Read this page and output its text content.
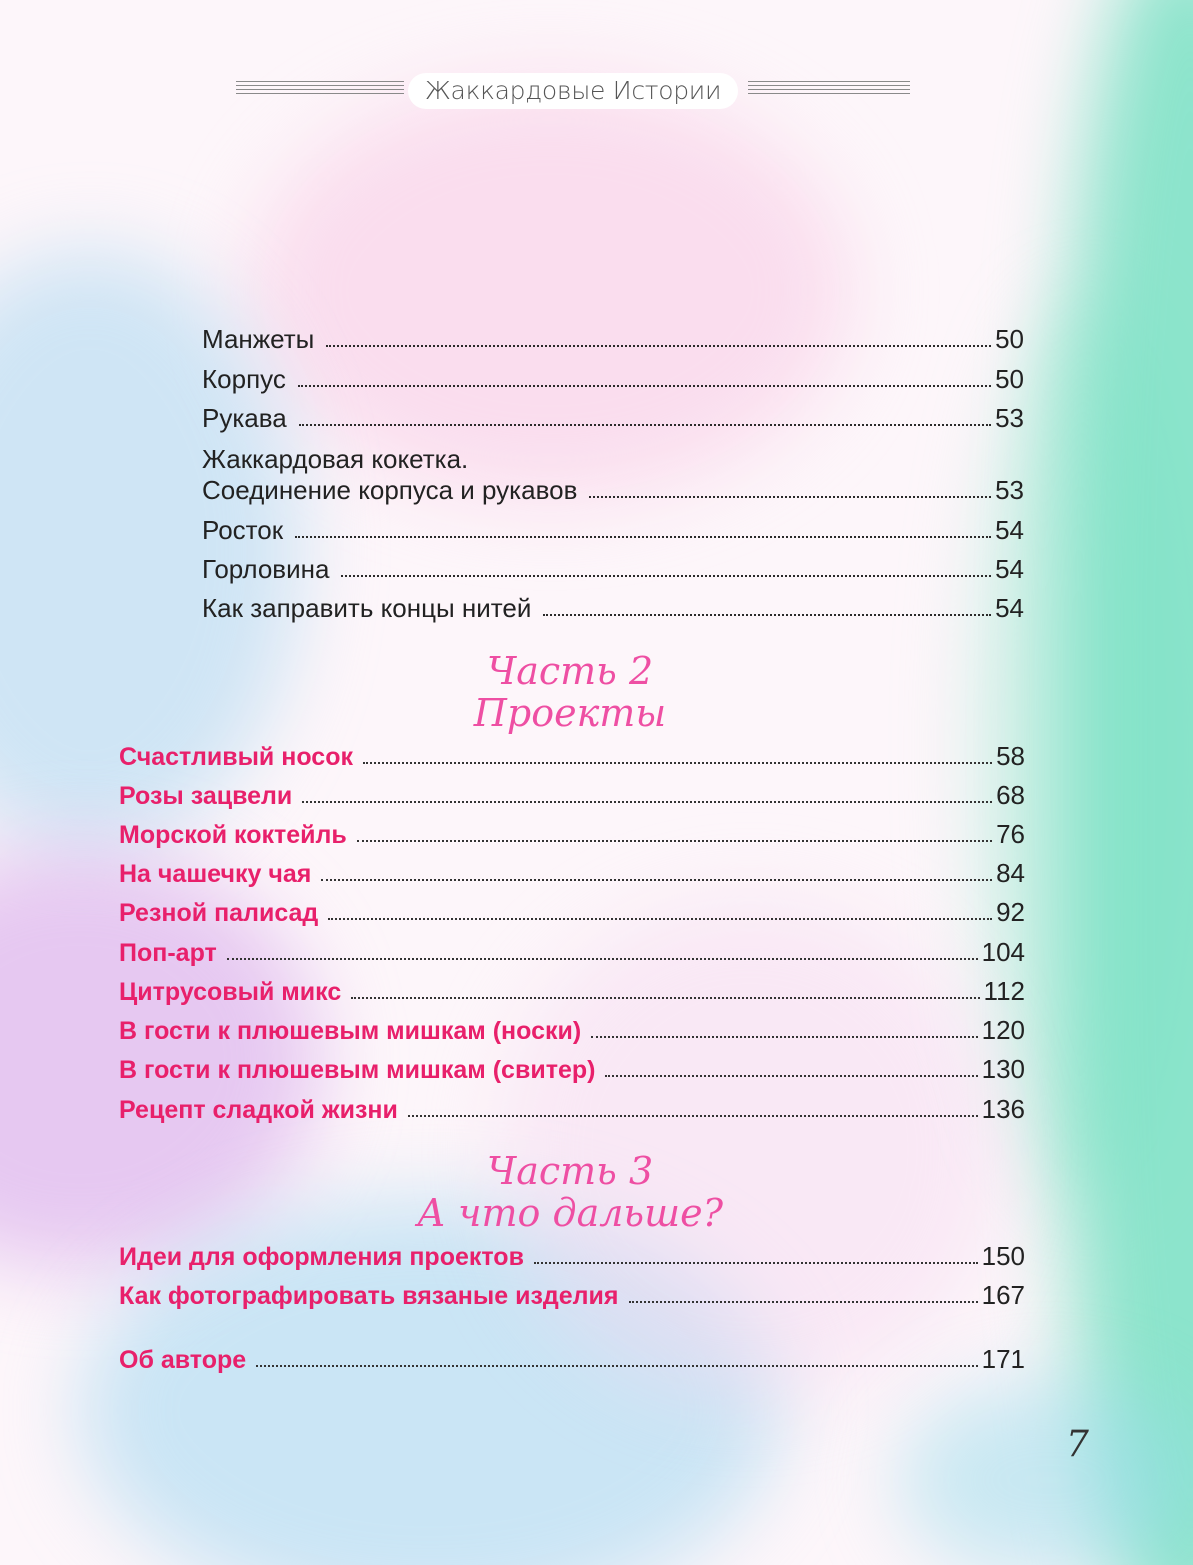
Жаккардовые Истории
Манжеты	50
Корпус	50
Рукава	53
Жаккардовая кокетка.
Соединение корпуса и рукавов	53
Росток	54
Горловина	54
Как заправить концы нитей	54
Часть 2
Проекты
Счастливый носок	58
Розы зацвели	68
Морской коктейль	76
На чашечку чая	84
Резной палисад	92
Поп-арт	104
Цитрусовый микс	112
В гости к плюшевым мишкам (носки)	120
В гости к плюшевым мишкам (свитер)	130
Рецепт сладкой жизни	136
Часть 3
А что дальше?
Идеи для оформления проектов	150
Как фотографировать вязаные изделия	167
Об авторе	171
7
